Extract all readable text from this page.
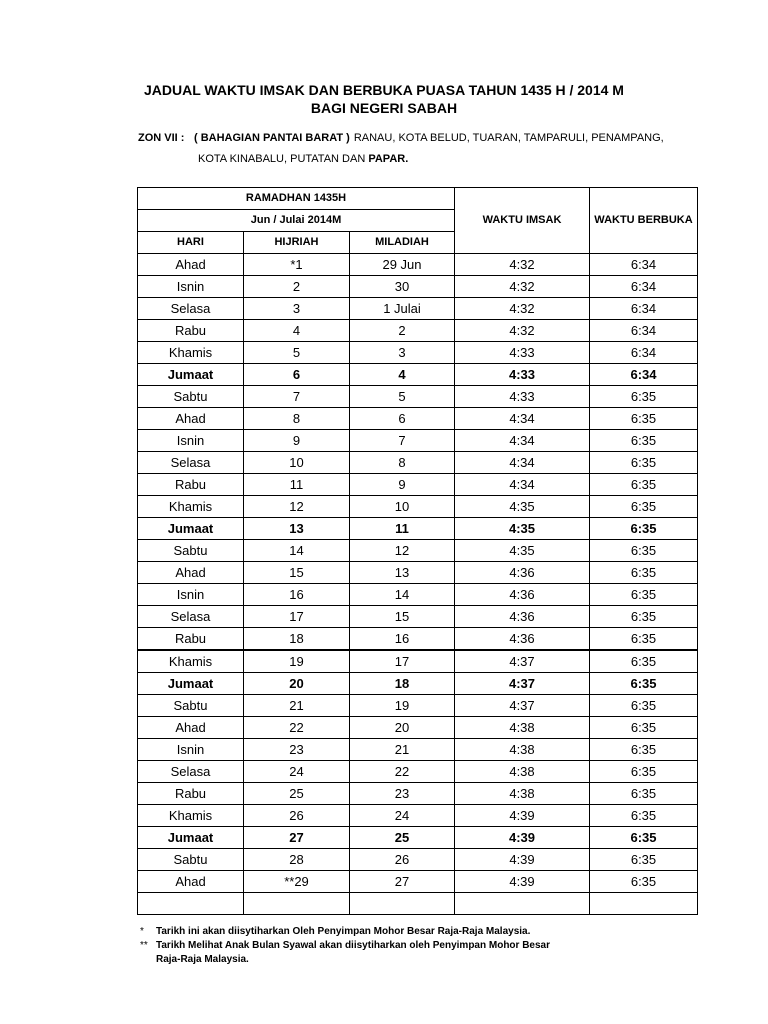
JADUAL WAKTU IMSAK DAN BERBUKA PUASA TAHUN 1435 H / 2014 M
BAGI NEGERI SABAH
ZON VII : ( BAHAGIAN PANTAI BARAT ) RANAU, KOTA BELUD, TUARAN, TAMPARULI, PENAMPANG,
KOTA KINABALU, PUTATAN DAN PAPAR.
RAMADHAN 1435H			WAKTU IMSAK	WAKTU BERBUKA
Jun / Julai 2014M				
HARI	HIJRIAH	MILADIAH		
Ahad	*1	29 Jun	4:32	6:34
Isnin	2	30	4:32	6:34
Selasa	3	1 Julai	4:32	6:34
Rabu	4	2	4:32	6:34
Khamis	5	3	4:33	6:34
Jumaat	6	4	4:33	6:34
Sabtu	7	5	4:33	6:35
Ahad	8	6	4:34	6:35
Isnin	9	7	4:34	6:35
Selasa	10	8	4:34	6:35
Rabu	11	9	4:34	6:35
Khamis	12	10	4:35	6:35
Jumaat	13	11	4:35	6:35
Sabtu	14	12	4:35	6:35
Ahad	15	13	4:36	6:35
Isnin	16	14	4:36	6:35
Selasa	17	15	4:36	6:35
Rabu	18	16	4:36	6:35
Khamis	19	17	4:37	6:35
Jumaat	20	18	4:37	6:35
Sabtu	21	19	4:37	6:35
Ahad	22	20	4:38	6:35
Isnin	23	21	4:38	6:35
Selasa	24	22	4:38	6:35
Rabu	25	23	4:38	6:35
Khamis	26	24	4:39	6:35
Jumaat	27	25	4:39	6:35
Sabtu	28	26	4:39	6:35
Ahad	**29	27	4:39	6:35

* Tarikh ini akan diisytiharkan Oleh Penyimpan Mohor Besar Raja-Raja Malaysia.
** Tarikh Melihat Anak Bulan Syawal akan diisytiharkan oleh Penyimpan Mohor Besar
Raja-Raja Malaysia.
